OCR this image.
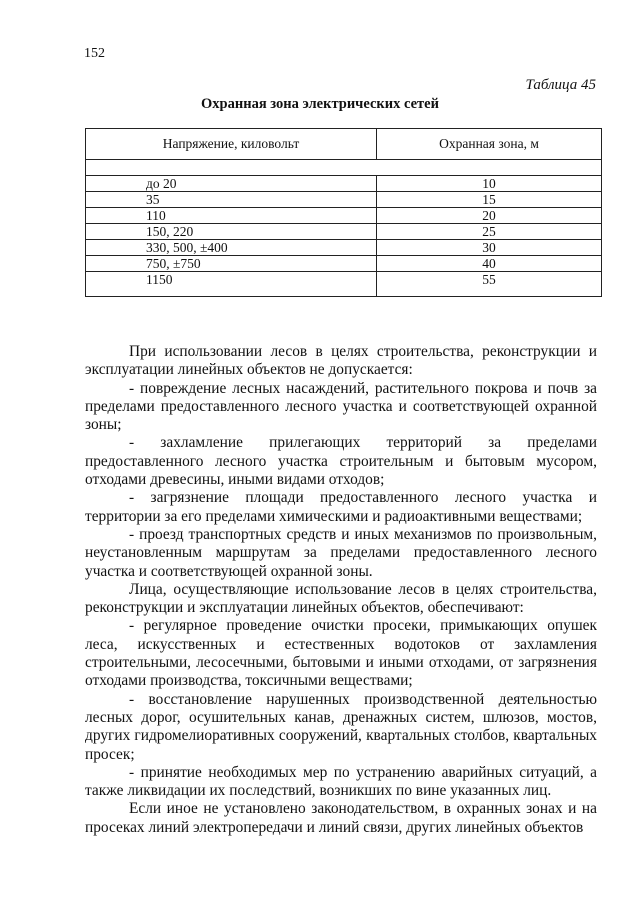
152
Таблица 45
Охранная зона электрических сетей
Напряжение, киловольт	Охранная зона, м

до 20	10
35	15
110	20
150, 220	25
330, 500, ±400	30
750, ±750	40
1150	55

При использовании лесов в целях строительства, реконструкции и эксплуатации линейных объектов не допускается:

- повреждение лесных насаждений, растительного покрова и почв за пределами предоставленного лесного участка и соответствующей охранной зоны;

- захламление прилегающих территорий за пределами предоставленного лесного участка строительным и бытовым мусором, отходами древесины, иными видами отходов;

- загрязнение площади предоставленного лесного участка и территории за его пределами химическими и радиоактивными веществами;

- проезд транспортных средств и иных механизмов по произвольным, неустановленным маршрутам за пределами предоставленного лесного участка и соответствующей охранной зоны.

Лица, осуществляющие использование лесов в целях строительства, реконструкции и эксплуатации линейных объектов, обеспечивают:

- регулярное проведение очистки просеки, примыкающих опушек леса, искусственных и естественных водотоков от захламления строительными, лесосечными, бытовыми и иными отходами, от загрязнения отходами производства, токсичными веществами;

- восстановление нарушенных производственной деятельностью лесных дорог, осушительных канав, дренажных систем, шлюзов, мостов, других гидромелиоративных сооружений, квартальных столбов, квартальных просек;

- принятие необходимых мер по устранению аварийных ситуаций, а также ликвидации их последствий, возникших по вине указанных лиц.

Если иное не установлено законодательством, в охранных зонах и на просеках линий электропередачи и линий связи, других линейных объектов
